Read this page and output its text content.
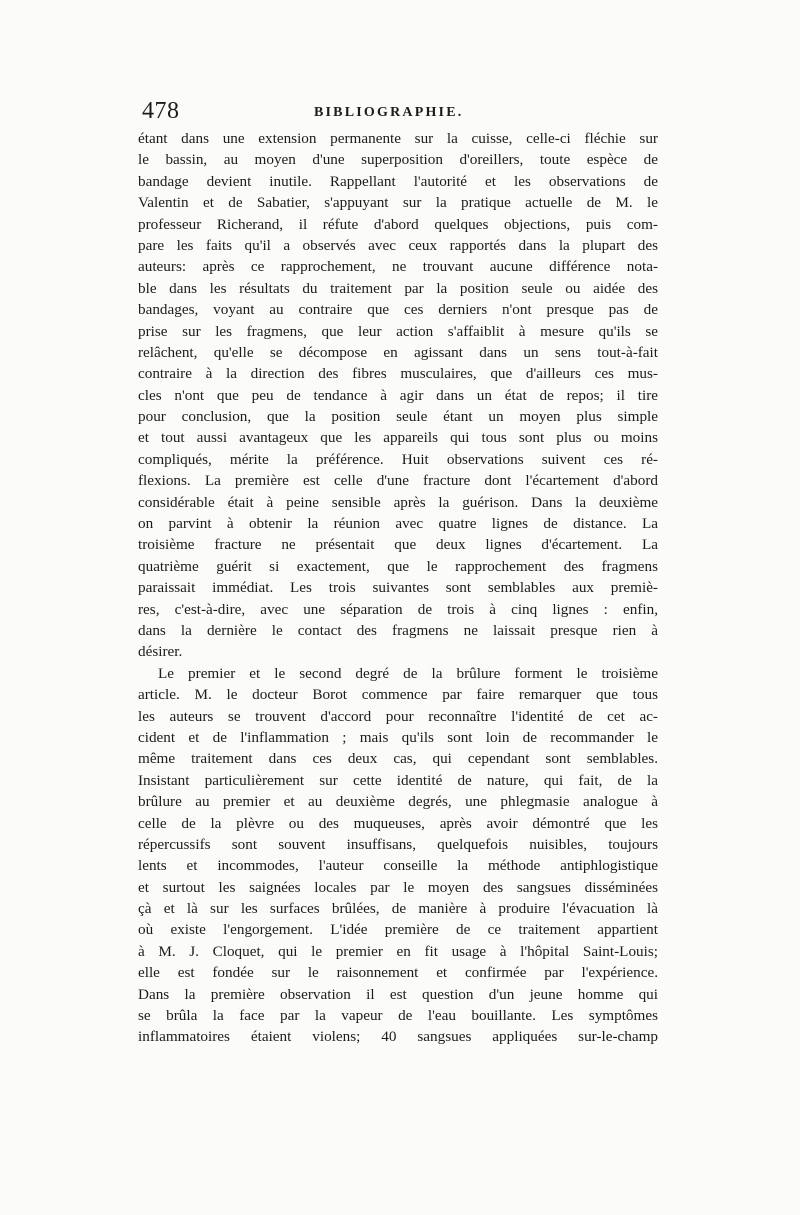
478	BIBLIOGRAPHIE.
étant dans une extension permanente sur la cuisse, celle-ci fléchie sur
le bassin, au moyen d'une superposition d'oreillers, toute espèce de
bandage devient inutile. Rappellant l'autorité et les observations de
Valentin et de Sabatier, s'appuyant sur la pratique actuelle de M. le
professeur Richerand, il réfute d'abord quelques objections, puis com-
pare les faits qu'il a observés avec ceux rapportés dans la plupart des
auteurs: après ce rapprochement, ne trouvant aucune différence nota-
ble dans les résultats du traitement par la position seule ou aidée des
bandages, voyant au contraire que ces derniers n'ont presque pas de
prise sur les fragmens, que leur action s'affaiblit à mesure qu'ils se
relâchent, qu'elle se décompose en agissant dans un sens tout-à-fait
contraire à la direction des fibres musculaires, que d'ailleurs ces mus-
cles n'ont que peu de tendance à agir dans un état de repos; il tire
pour conclusion, que la position seule étant un moyen plus simple
et tout aussi avantageux que les appareils qui tous sont plus ou moins
compliqués, mérite la préférence. Huit observations suivent ces ré-
flexions. La première est celle d'une fracture dont l'écartement d'abord
considérable était à peine sensible après la guérison. Dans la deuxième
on parvint à obtenir la réunion avec quatre lignes de distance. La
troisième fracture ne présentait que deux lignes d'écartement. La
quatrième guérit si exactement, que le rapprochement des fragmens
paraissait immédiat. Les trois suivantes sont semblables aux premiè-
res, c'est-à-dire, avec une séparation de trois à cinq lignes : enfin,
dans la dernière le contact des fragmens ne laissait presque rien à
désirer.
Le premier et le second degré de la brûlure forment le troisième
article. M. le docteur Borot commence par faire remarquer que tous
les auteurs se trouvent d'accord pour reconnaître l'identité de cet ac-
cident et de l'inflammation ; mais qu'ils sont loin de recommander le
même traitement dans ces deux cas, qui cependant sont semblables.
Insistant particulièrement sur cette identité de nature, qui fait, de la
brûlure au premier et au deuxième degrés, une phlegmasie analogue à
celle de la plèvre ou des muqueuses, après avoir démontré que les
répercussifs sont souvent insuffisans, quelquefois nuisibles, toujours
lents et incommodes, l'auteur conseille la méthode antiphlogistique
et surtout les saignées locales par le moyen des sangsues disséminées
çà et là sur les surfaces brûlées, de manière à produire l'évacuation là
où existe l'engorgement. L'idée première de ce traitement appartient
à M. J. Cloquet, qui le premier en fit usage à l'hôpital Saint-Louis;
elle est fondée sur le raisonnement et confirmée par l'expérience.
Dans la première observation il est question d'un jeune homme qui
se brûla la face par la vapeur de l'eau bouillante. Les symptômes
inflammatoires étaient violens; 40 sangsues appliquées sur-le-champ
